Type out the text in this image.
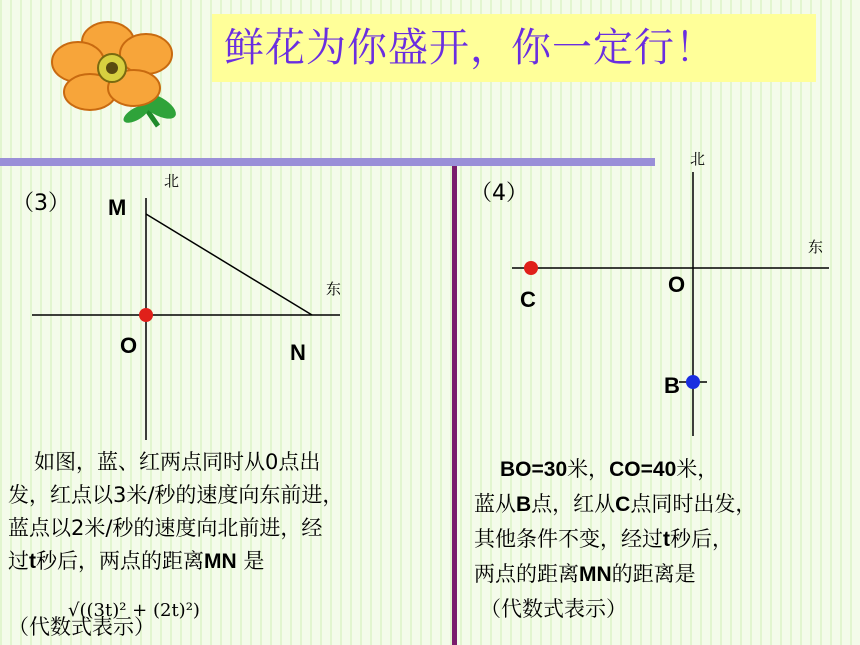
鲜花为你盛开，你一定行！
（3）
北
东
M
O	N
如图，蓝、红两点同时从0点出
发，红点以3米/秒的速度向东前进，
蓝点以2米/秒的速度向北前进，经
过t秒后，两点的距离MN 是
（代数式表示）
√((3t)² + (2t)²)
（4）
北
东
C
O
B
BO=30米，CO=40米，
蓝从B点，红从C点同时出发，
其他条件不变，经过t秒后，
两点的距离MN的距离是
（代数式表示）
